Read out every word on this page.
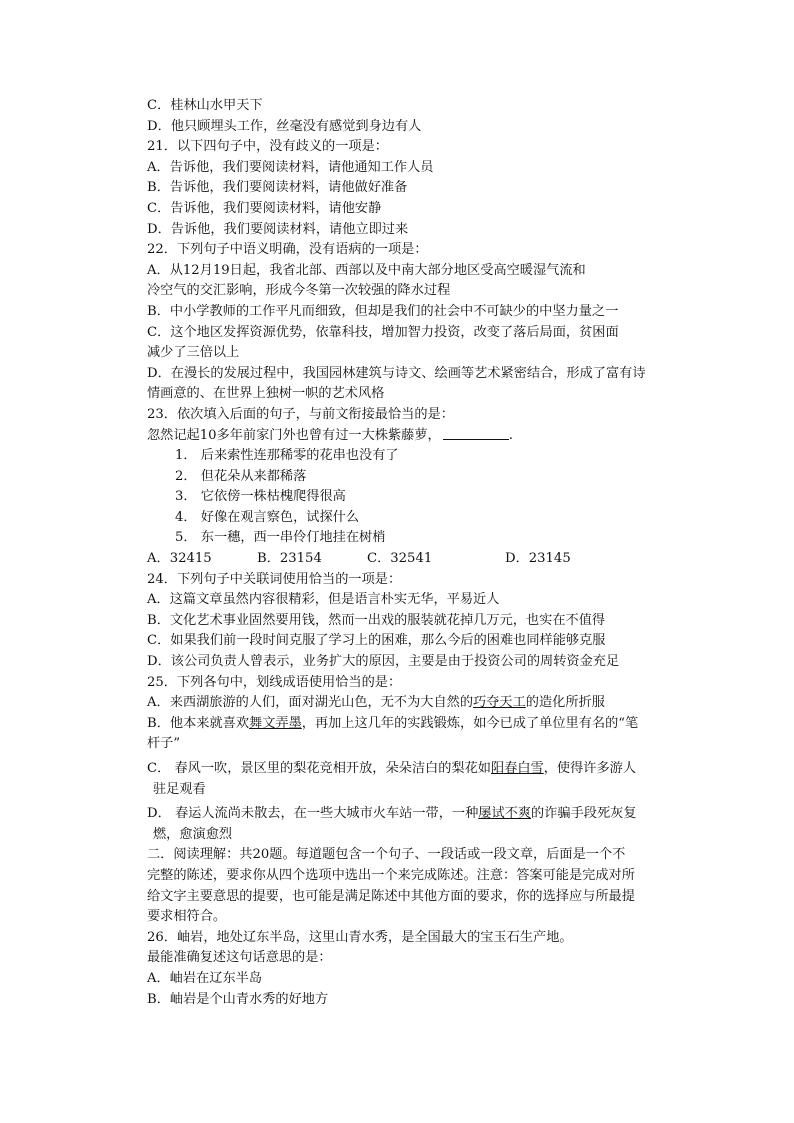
C．桂林山水甲天下

D．他只顾埋头工作，丝毫没有感觉到身边有人

21．以下四句子中，没有歧义的一项是：

A．告诉他，我们要阅读材料，请他通知工作人员

B．告诉他，我们要阅读材料，请他做好准备

C．告诉他，我们要阅读材料，请他安静

D．告诉他，我们要阅读材料，请他立即过来

22．下列句子中语义明确，没有语病的一项是：

A．从12月19日起，我省北部、西部以及中南大部分地区受高空暖湿气流和

冷空气的交汇影响，形成今冬第一次较强的降水过程

B．中小学教师的工作平凡而细致，但却是我们的社会中不可缺少的中坚力量之一

C．这个地区发挥资源优势，依靠科技，增加智力投资，改变了落后局面，贫困面

减少了三倍以上

D．在漫长的发展过程中，我国园林建筑与诗文、绘画等艺术紧密结合，形成了富有诗

情画意的、在世界上独树一帜的艺术风格

23．依次填入后面的句子，与前文衔接最恰当的是：

忽然记起10多年前家门外也曾有过一大株紫藤萝，	.

1． 后来索性连那稀零的花串也没有了

2． 但花朵从来都稀落

3． 它依傍一株枯槐爬得很高

4． 好像在观言察色，试探什么

5． 东一穗，西一串伶仃地挂在树梢

A．32415	B．23154	C．32541	D．23145

24．下列句子中关联词使用恰当的一项是：

A．这篇文章虽然内容很精彩，但是语言朴实无华，平易近人

B．文化艺术事业固然要用钱，然而一出戏的服装就花掉几万元，也实在不值得

C．如果我们前一段时间克服了学习上的困难，那么今后的困难也同样能够克服

D．该公司负责人曾表示，业务扩大的原因，主要是由于投资公司的周转资金充足

25．下列各句中，划线成语使用恰当的是：

A．来西湖旅游的人们，面对湖光山色，无不为大自然的巧夺天工的造化所折服

B．他本来就喜欢舞文弄墨，再加上这几年的实践锻炼，如今已成了单位里有名的“笔

杆子”

C． 春风一吹，景区里的梨花竞相开放，朵朵洁白的梨花如阳春白雪，使得许多游人

驻足观看

D． 春运人流尚未散去，在一些大城市火车站一带，一种屡试不爽的诈骗手段死灰复

燃，愈演愈烈

二．阅读理解：共20题。每道题包含一个句子、一段话或一段文章，后面是一个不

完整的陈述，要求你从四个选项中选出一个来完成陈述。注意：答案可能是完成对所

给文字主要意思的提要，也可能是满足陈述中其他方面的要求，你的选择应与所最提

要求相符合。

26．岫岩，地处辽东半岛，这里山青水秀，是全国最大的宝玉石生产地。

最能准确复述这句话意思的是：

A．岫岩在辽东半岛

B．岫岩是个山青水秀的好地方
